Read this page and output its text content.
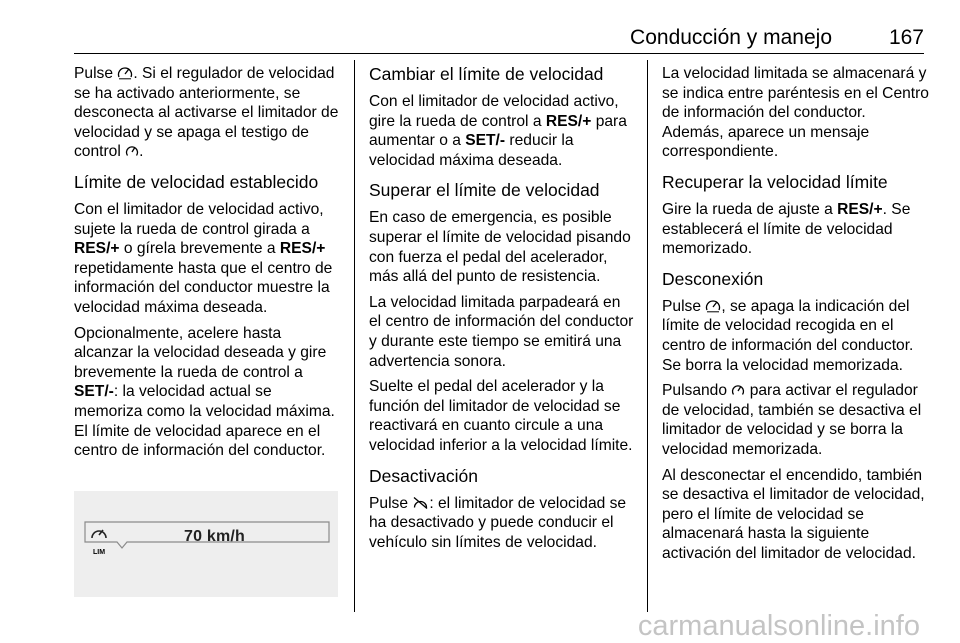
Conducción y manejo	167

Pulse
. Si el regulador de velocidad se ha activado anteriormente, se desconecta al activarse el limitador de velocidad y se apaga el testigo de control
.

Límite de velocidad establecido

Con el limitador de velocidad activo, sujete la rueda de control girada a RES/+ o gírela brevemente a RES/+ repetidamente hasta que el centro de información del conductor muestre la velocidad máxima deseada.

Opcionalmente, acelere hasta alcanzar la velocidad deseada y gire brevemente la rueda de control a SET/-: la velocidad actual se memoriza como la velocidad máxima. El límite de velocidad aparece en el centro de información del conductor.

LIM
70 km/h
Cambiar el límite de velocidad

Con el limitador de velocidad activo, gire la rueda de control a RES/+ para aumentar o a SET/- reducir la velocidad máxima deseada.

Superar el límite de velocidad

En caso de emergencia, es posible superar el límite de velocidad pisando con fuerza el pedal del acelerador, más allá del punto de resistencia.

La velocidad limitada parpadeará en el centro de información del conductor y durante este tiempo se emitirá una advertencia sonora.

Suelte el pedal del acelerador y la función del limitador de velocidad se reactivará en cuanto circule a una velocidad inferior a la velocidad límite.

Desactivación

Pulse
: el limitador de velocidad se ha desactivado y puede conducir el vehículo sin límites de velocidad.

La velocidad limitada se almacenará y se indica entre paréntesis en el Centro de información del conductor. Además, aparece un mensaje correspondiente.

Recuperar la velocidad límite

Gire la rueda de ajuste a RES/+. Se establecerá el límite de velocidad memorizado.

Desconexión

Pulse
, se apaga la indicación del límite de velocidad recogida en el centro de información del conductor. Se borra la velocidad memorizada.

Pulsando
para activar el regulador de velocidad, también se desactiva el limitador de velocidad y se borra la velocidad memorizada.

Al desconectar el encendido, también se desactiva el limitador de velocidad, pero el límite de velocidad se almacenará hasta la siguiente activación del limitador de velocidad.

carmanualsonline.info
